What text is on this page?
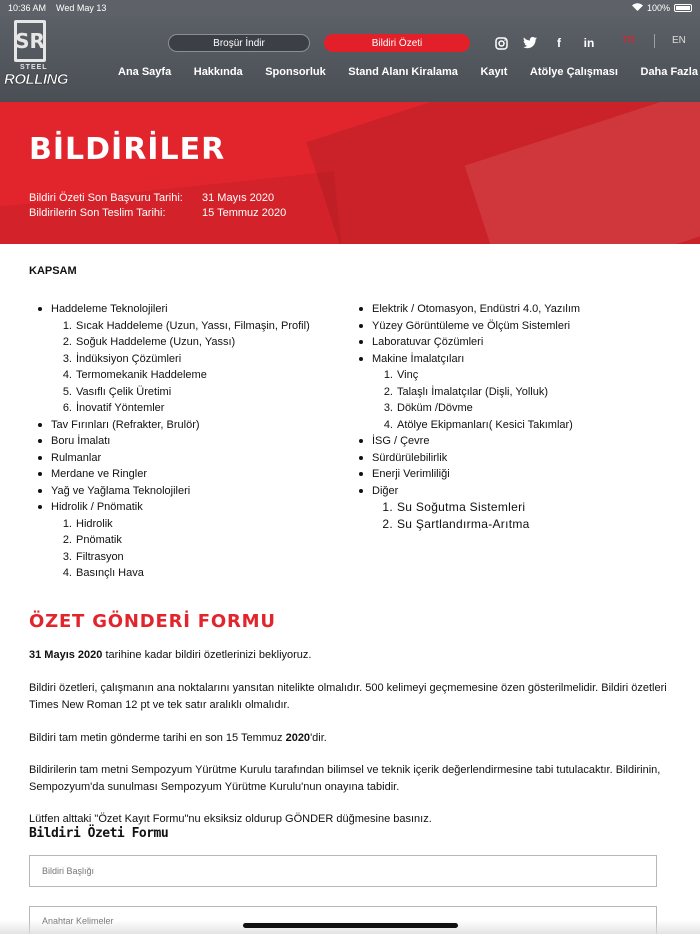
10:36 AM Wed May 13	100%
SR
STEEL
ROLLING
Broşür İndir	Bildiri Özeti	f	in	TR	EN
Ana Sayfa Hakkında Sponsorluk Stand Alanı Kiralama Kayıt Atölye Çalışması Daha Fazla
BİLDİRİLER
Bildiri Özeti Son Başvuru Tarihi:	31 Mayıs 2020
Bildirilerin Son Teslim Tarihi:	15 Temmuz 2020
KAPSAM
Haddeleme Teknolojileri
1. Sıcak Haddeleme (Uzun, Yassı, Filmaşin, Profil)
2. Soğuk Haddeleme (Uzun, Yassı)
3. İndüksiyon Çözümleri
4. Termomekanik Haddeleme
5. Vasıflı Çelik Üretimi
6. İnovatif Yöntemler
Tav Fırınları (Refrakter, Brulör)
Boru İmalatı
Rulmanlar
Merdane ve Ringler
Yağ ve Yağlama Teknolojileri
Hidrolik / Pnömatik
1. Hidrolik
2. Pnömatik
3. Filtrasyon
4. Basınçlı Hava
Elektrik / Otomasyon, Endüstri 4.0, Yazılım
Yüzey Görüntüleme ve Ölçüm Sistemleri
Laboratuvar Çözümleri
Makine İmalatçıları
1. Vinç
2. Talaşlı İmalatçılar (Dişli, Yolluk)
3. Döküm /Dövme
4. Atölye Ekipmanları( Kesici Takımlar)
İSG / Çevre
Sürdürülebilirlik
Enerji Verimliliği
Diğer
1. Su Soğutma Sistemleri
2. Su Şartlandırma-Arıtma
ÖZET GÖNDERİ FORMU
31 Mayıs 2020 tarihine kadar bildiri özetlerinizi bekliyoruz.
Bildiri özetleri, çalışmanın ana noktalarını yansıtan nitelikte olmalıdır. 500 kelimeyi geçmemesine özen gösterilmelidir. Bildiri özetleri Times New Roman 12 pt ve tek satır aralıklı olmalıdır.
Bildiri tam metin gönderme tarihi en son 15 Temmuz 2020'dir.
Bildirilerin tam metni Sempozyum Yürütme Kurulu tarafından bilimsel ve teknik içerik değerlendirmesine tabi tutulacaktır. Bildirinin, Sempozyum'da sunulması Sempozyum Yürütme Kurulu'nun onayına tabidir.
Lütfen alttaki "Özet Kayıt Formu"nu eksiksiz oldurup GÖNDER düğmesine basınız.
Bildiri Özeti Formu
Bildiri Başlığı
Anahtar Kelimeler
